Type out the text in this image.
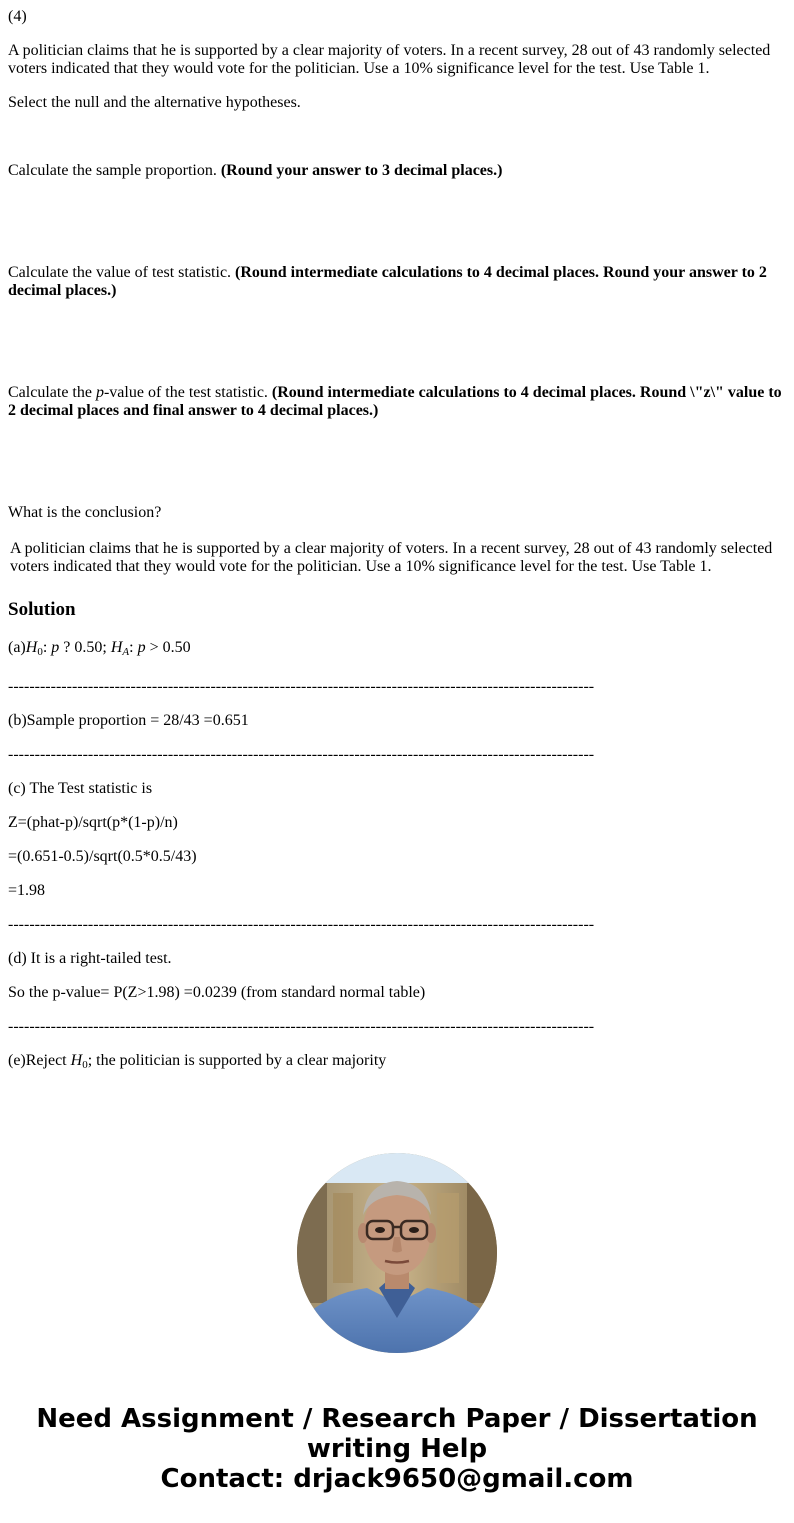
(4)
A politician claims that he is supported by a clear majority of voters. In a recent survey, 28 out of 43 randomly selected voters indicated that they would vote for the politician. Use a 10% significance level for the test. Use Table 1.
Select the null and the alternative hypotheses.
Calculate the sample proportion. (Round your answer to 3 decimal places.)
Calculate the value of test statistic. (Round intermediate calculations to 4 decimal places. Round your answer to 2 decimal places.)
Calculate the p-value of the test statistic. (Round intermediate calculations to 4 decimal places. Round \"z\" value to 2 decimal places and final answer to 4 decimal places.)
What is the conclusion?
A politician claims that he is supported by a clear majority of voters. In a recent survey, 28 out of 43 randomly selected voters indicated that they would vote for the politician. Use a 10% significance level for the test. Use Table 1.
Solution
$(a)H_0$: p ? 0.50; $H_A$: p > 0.50
--------------------------------------------------------------------------------------------------------------
(b)Sample proportion = 28/43 =0.651
--------------------------------------------------------------------------------------------------------------
(c) The Test statistic is
Z=(phat-p)/sqrt(p*(1-p)/n)
=(0.651-0.5)/sqrt(0.5*0.5/43)
=1.98
--------------------------------------------------------------------------------------------------------------
(d) It is a right-tailed test.
So the p-value= P(Z>1.98) =0.0239 (from standard normal table)
--------------------------------------------------------------------------------------------------------------
(e)Reject $H_0$; the politician is supported by a clear majority
Need Assignment / Research Paper / Dissertation
writing Help
Contact: drjack9650@gmail.com
